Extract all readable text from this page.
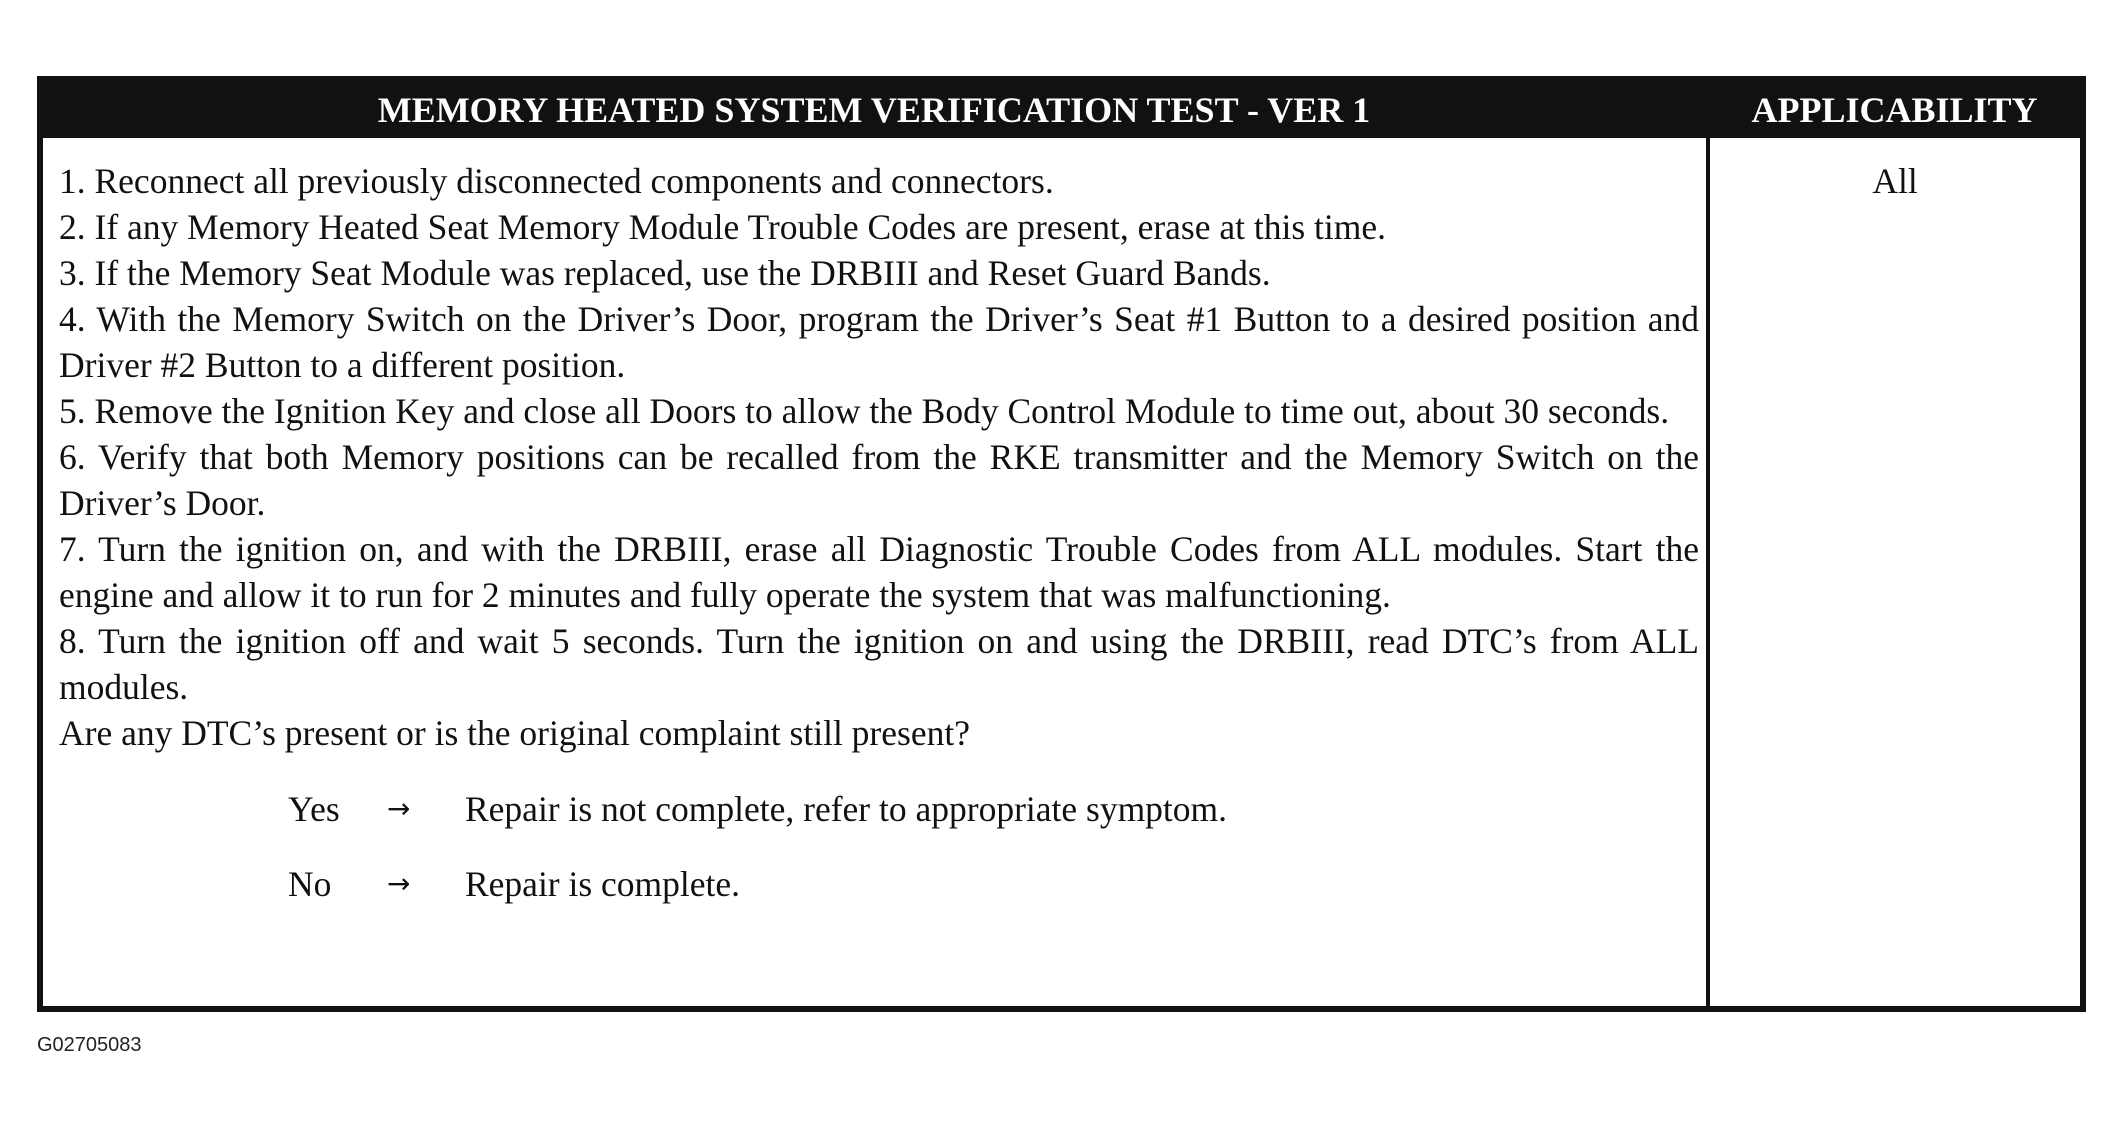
MEMORY HEATED SYSTEM VERIFICATION TEST - VER 1	APPLICABILITY

1. Reconnect all previously disconnected components and connectors.

2. If any Memory Heated Seat Memory Module Trouble Codes are present, erase at this time.

3. If the Memory Seat Module was replaced, use the DRBIII and Reset Guard Bands.

4. With the Memory Switch on the Driver’s Door, program the Driver’s Seat #1 Button to a desired position and Driver #2 Button to a different position.

5. Remove the Ignition Key and close all Doors to allow the Body Control Module to time out, about 30 seconds.

6. Verify that both Memory positions can be recalled from the RKE transmitter and the Memory Switch on the Driver’s Door.

7. Turn the ignition on, and with the DRBIII, erase all Diagnostic Trouble Codes from ALL modules. Start the engine and allow it to run for 2 minutes and fully operate the system that was malfunctioning.

8. Turn the ignition off and wait 5 seconds. Turn the ignition on and using the DRBIII, read DTC’s from ALL modules.

Are any DTC’s present or is the original complaint still present?

Yes → Repair is not complete, refer to appropriate symptom.
No → Repair is complete.
All
G02705083
